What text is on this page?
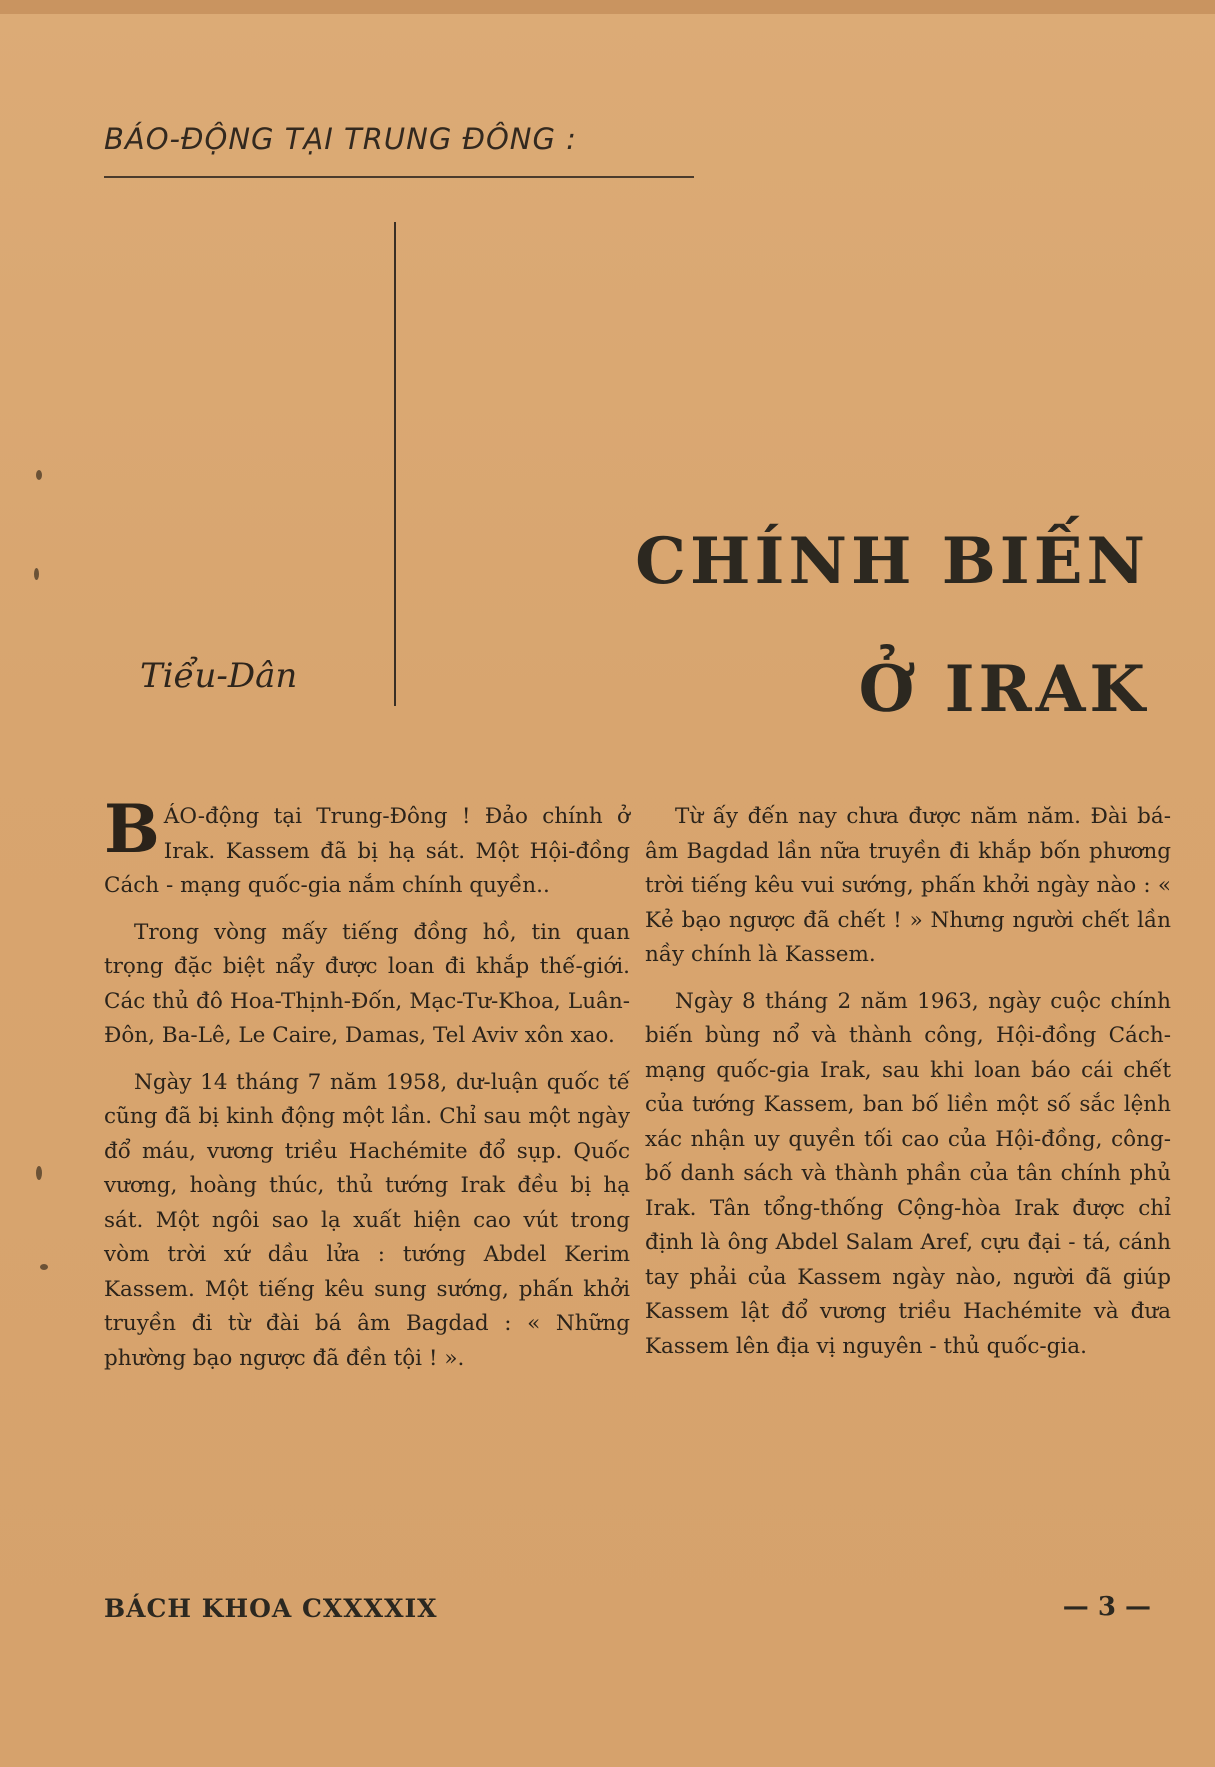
BÁO-ĐỘNG TẠI TRUNG ĐÔNG :
Tiểu-Dân
CHÍNH BIẾN
Ở IRAK

BÁO-động tại Trung-Đông ! Đảo chính ở Irak. Kassem đã bị hạ sát. Một Hội-đồng Cách - mạng quốc-gia nắm chính quyền..

Trong vòng mấy tiếng đồng hồ, tin quan trọng đặc biệt nẩy được loan đi khắp thế-giới. Các thủ đô Hoa-Thịnh-Đốn, Mạc-Tư-Khoa, Luân-Đôn, Ba-Lê, Le Caire, Damas, Tel Aviv xôn xao.

Ngày 14 tháng 7 năm 1958, dư-luận quốc tế cũng đã bị kinh động một lần. Chỉ sau một ngày đổ máu, vương triều Hachémite đổ sụp. Quốc vương, hoàng thúc, thủ tướng Irak đều bị hạ sát. Một ngôi sao lạ xuất hiện cao vút trong vòm trời xứ dầu lửa : tướng Abdel Kerim Kassem. Một tiếng kêu sung sướng, phấn khởi truyền đi từ đài bá âm Bagdad : « Những phường bạo ngược đã đền tội ! ».

Từ ấy đến nay chưa được năm năm. Đài bá-âm Bagdad lần nữa truyền đi khắp bốn phương trời tiếng kêu vui sướng, phấn khởi ngày nào : « Kẻ bạo ngược đã chết ! » Nhưng người chết lần nầy chính là Kassem.

Ngày 8 tháng 2 năm 1963, ngày cuộc chính biến bùng nổ và thành công, Hội-đồng Cách-mạng quốc-gia Irak, sau khi loan báo cái chết của tướng Kassem, ban bố liền một số sắc lệnh xác nhận uy quyền tối cao của Hội-đồng, công-bố danh sách và thành phần của tân chính phủ Irak. Tân tổng-thống Cộng-hòa Irak được chỉ định là ông Abdel Salam Aref, cựu đại - tá, cánh tay phải của Kassem ngày nào, người đã giúp Kassem lật đổ vương triều Hachémite và đưa Kassem lên địa vị nguyên - thủ quốc-gia.

BÁCH KHOA CXXXXIX	— 3 —
